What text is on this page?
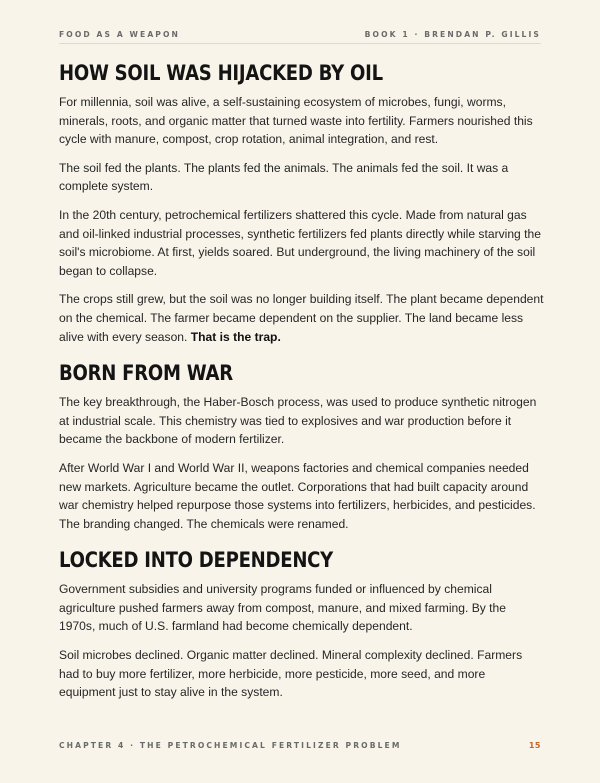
FOOD AS A WEAPON	BOOK 1 · BRENDAN P. GILLIS
HOW SOIL WAS HIJACKED BY OIL

For millennia, soil was alive, a self-sustaining ecosystem of microbes, fungi, worms, minerals, roots, and organic matter that turned waste into fertility. Farmers nourished this cycle with manure, compost, crop rotation, animal integration, and rest.

The soil fed the plants. The plants fed the animals. The animals fed the soil. It was a complete system.

In the 20th century, petrochemical fertilizers shattered this cycle. Made from natural gas and oil-linked industrial processes, synthetic fertilizers fed plants directly while starving the soil's microbiome. At first, yields soared. But underground, the living machinery of the soil began to collapse.

The crops still grew, but the soil was no longer building itself. The plant became dependent on the chemical. The farmer became dependent on the supplier. The land became less alive with every season. That is the trap.

BORN FROM WAR

The key breakthrough, the Haber-Bosch process, was used to produce synthetic nitrogen at industrial scale. This chemistry was tied to explosives and war production before it became the backbone of modern fertilizer.

After World War I and World War II, weapons factories and chemical companies needed new markets. Agriculture became the outlet. Corporations that had built capacity around war chemistry helped repurpose those systems into fertilizers, herbicides, and pesticides. The branding changed. The chemicals were renamed.

LOCKED INTO DEPENDENCY

Government subsidies and university programs funded or influenced by chemical agriculture pushed farmers away from compost, manure, and mixed farming. By the 1970s, much of U.S. farmland had become chemically dependent.

Soil microbes declined. Organic matter declined. Mineral complexity declined. Farmers had to buy more fertilizer, more herbicide, more pesticide, more seed, and more equipment just to stay alive in the system.

CHAPTER 4 · THE PETROCHEMICAL FERTILIZER PROBLEM	15
